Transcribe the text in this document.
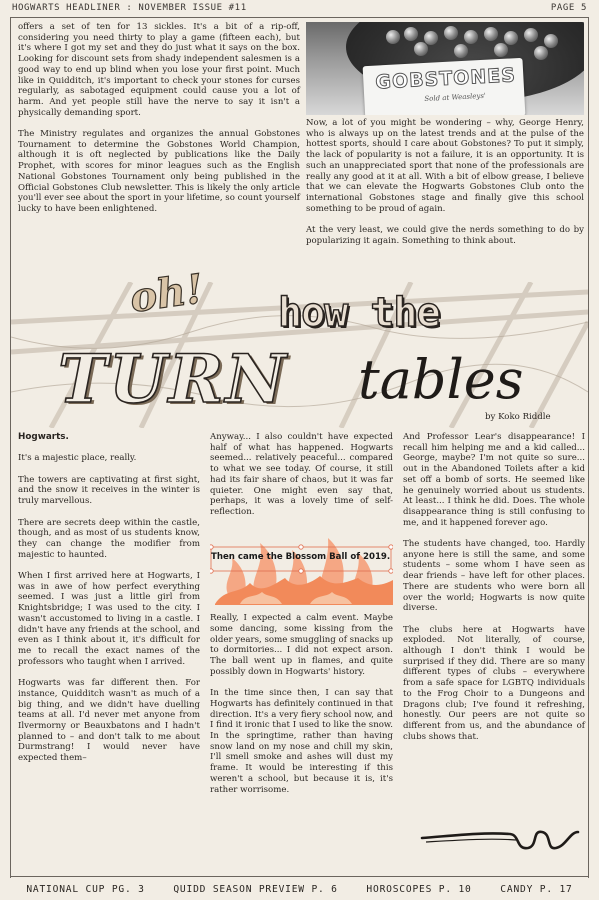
HOGWARTS HEADLINER : NOVEMBER ISSUE #11	PAGE 5

offers a set of ten for 13 sickles. It's a bit of a rip-off, considering you need thirty to play a game (fifteen each), but it's where I got my set and they do just what it says on the box. Looking for discount sets from shady independent salesmen is a good way to end up blind when you lose your first point. Much like in Quidditch, it's important to check your stones for curses regularly, as sabotaged equipment could cause you a lot of harm. And yet people still have the nerve to say it isn't a physically demanding sport.

The Ministry regulates and organizes the annual Gobstones Tournament to determine the Gobstones World Champion, although it is oft neglected by publications like the Daily Prophet, with scores for minor leagues such as the English National Gobstones Tournament only being published in the Official Gobstones Club newsletter. This is likely the only article you'll ever see about the sport in your lifetime, so count yourself lucky to have been enlightened.

GOBSTONES
Sold at Weasleys'

Now, a lot of you might be wondering – why, George Henry, who is always up on the latest trends and at the pulse of the hottest sports, should I care about Gobstones? To put it simply, the lack of popularity is not a failure, it is an opportunity. It is such an unappreciated sport that none of the professionals are really any good at it at all. With a bit of elbow grease, I believe that we can elevate the Hogwarts Gobstones Club onto the international Gobstones stage and finally give this school something to be proud of again.

At the very least, we could give the nerds something to do by popularizing it again. Something to think about.

oh! how the
TURN tables
by Koko Riddle
Hogwarts.

It's a majestic place, really.

The towers are captivating at first sight, and the snow it receives in the winter is truly marvellous.

There are secrets deep within the castle, though, and as most of us students know, they can change the modifier from majestic to haunted.

When I first arrived here at Hogwarts, I was in awe of how perfect everything seemed. I was just a little girl from Knightsbridge; I was used to the city. I wasn't accustomed to living in a castle. I didn't have any friends at the school, and even as I think about it, it's difficult for me to recall the exact names of the professors who taught when I arrived.

Hogwarts was far different then. For instance, Quidditch wasn't as much of a big thing, and we didn't have duelling teams at all. I'd never met anyone from Ilvermorny or Beauxbatons and I hadn't planned to – and don't talk to me about Durmstrang! I would never have expected them–

Anyway... I also couldn't have expected half of what has happened. Hogwarts seemed... relatively peaceful... compared to what we see today. Of course, it still had its fair share of chaos, but it was far quieter. One might even say that, perhaps, it was a lovely time of self-reflection.

Then came the Blossom Ball of 2019.

Really, I expected a calm event. Maybe some dancing, some kissing from the older years, some smuggling of snacks up to dormitories... I did not expect arson. The ball went up in flames, and quite possibly down in Hogwarts' history.

In the time since then, I can say that Hogwarts has definitely continued in that direction. It's a very fiery school now, and I find it ironic that I used to like the snow. In the springtime, rather than having snow land on my nose and chill my skin, I'll smell smoke and ashes will dust my frame. It would be interesting if this weren't a school, but because it is, it's rather worrisome.

And Professor Lear's disappearance! I recall him helping me and a kid called... George, maybe? I'm not quite so sure... out in the Abandoned Toilets after a kid set off a bomb of sorts. He seemed like he genuinely worried about us students. At least... I think he did. Does. The whole disappearance thing is still confusing to me, and it happened forever ago.

The students have changed, too. Hardly anyone here is still the same, and some students – some whom I have seen as dear friends – have left for other places. There are students who were born all over the world; Hogwarts is now quite diverse.

The clubs here at Hogwarts have exploded. Not literally, of course, although I don't think I would be surprised if they did. There are so many different types of clubs – everywhere from a safe space for LGBTQ individuals to the Frog Choir to a Dungeons and Dragons club; I've found it refreshing, honestly. Our peers are not quite so different from us, and the abundance of clubs shows that.

NATIONAL CUP PG. 3	QUIDD SEASON PREVIEW P. 6	HOROSCOPES P. 10	CANDY P. 17
